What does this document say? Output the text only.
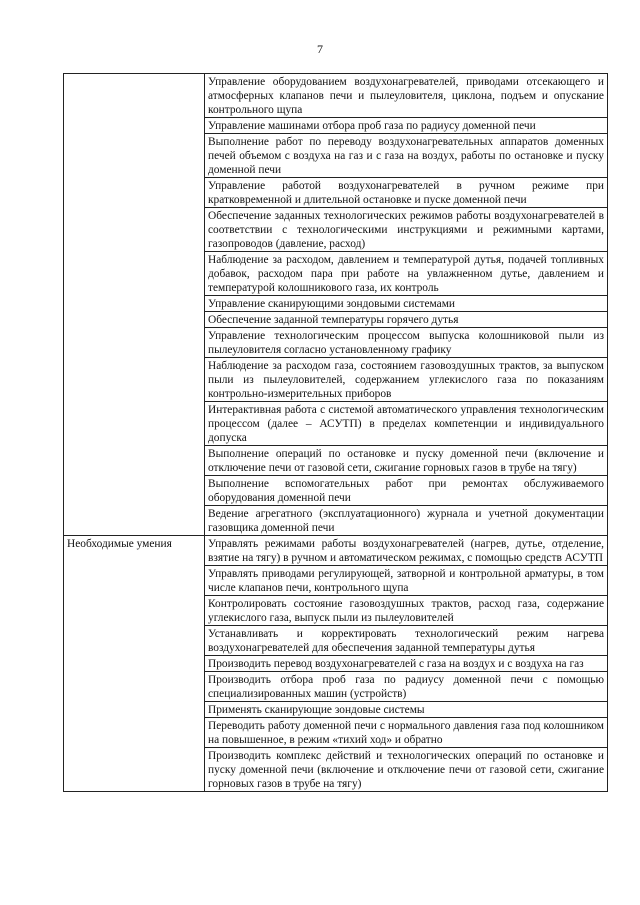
7
	Управление оборудованием воздухонагревателей, приводами отсекающего и атмосферных клапанов печи и пылеуловителя, циклона, подъем и опускание контрольного щупа
	Управление машинами отбора проб газа по радиусу доменной печи
	Выполнение работ по переводу воздухонагревательных аппаратов доменных печей объемом с воздуха на газ и с газа на воздух, работы по остановке и пуску доменной печи
	Управление работой воздухонагревателей в ручном режиме при кратковременной и длительной остановке и пуске доменной печи
	Обеспечение заданных технологических режимов работы воздухонагревателей в соответствии с технологическими инструкциями и режимными картами, газопроводов (давление, расход)
	Наблюдение за расходом, давлением и температурой дутья, подачей топливных добавок, расходом пара при работе на увлажненном дутье, давлением и температурой колошникового газа, их контроль
	Управление сканирующими зондовыми системами
	Обеспечение заданной температуры горячего дутья
	Управление технологическим процессом выпуска колошниковой пыли из пылеуловителя согласно установленному графику
	Наблюдение за расходом газа, состоянием газовоздушных трактов, за выпуском пыли из пылеуловителей, содержанием углекислого газа по показаниям контрольно-измерительных приборов
	Интерактивная работа с системой автоматического управления технологическим процессом (далее – АСУТП) в пределах компетенции и индивидуального допуска
	Выполнение операций по остановке и пуску доменной печи (включение и отключение печи от газовой сети, сжигание горновых газов в трубе на тягу)
	Выполнение вспомогательных работ при ремонтах обслуживаемого оборудования доменной печи
	Ведение агрегатного (эксплуатационного) журнала и учетной документации газовщика доменной печи
Необходимые умения	Управлять режимами работы воздухонагревателей (нагрев, дутье, отделение, взятие на тягу) в ручном и автоматическом режимах, с помощью средств АСУТП
	Управлять приводами регулирующей, затворной и контрольной арматуры, в том числе клапанов печи, контрольного щупа
	Контролировать состояние газовоздушных трактов, расход газа, содержание углекислого газа, выпуск пыли из пылеуловителей
	Устанавливать и корректировать технологический режим нагрева воздухонагревателей для обеспечения заданной температуры дутья
	Производить перевод воздухонагревателей с газа на воздух и с воздуха на газ
	Производить отбора проб газа по радиусу доменной печи с помощью специализированных машин (устройств)
	Применять сканирующие зондовые системы
	Переводить работу доменной печи с нормального давления газа под колошником на повышенное, в режим «тихий ход» и обратно
	Производить комплекс действий и технологических операций по остановке и пуску доменной печи (включение и отключение печи от газовой сети, сжигание горновых газов в трубе на тягу)
